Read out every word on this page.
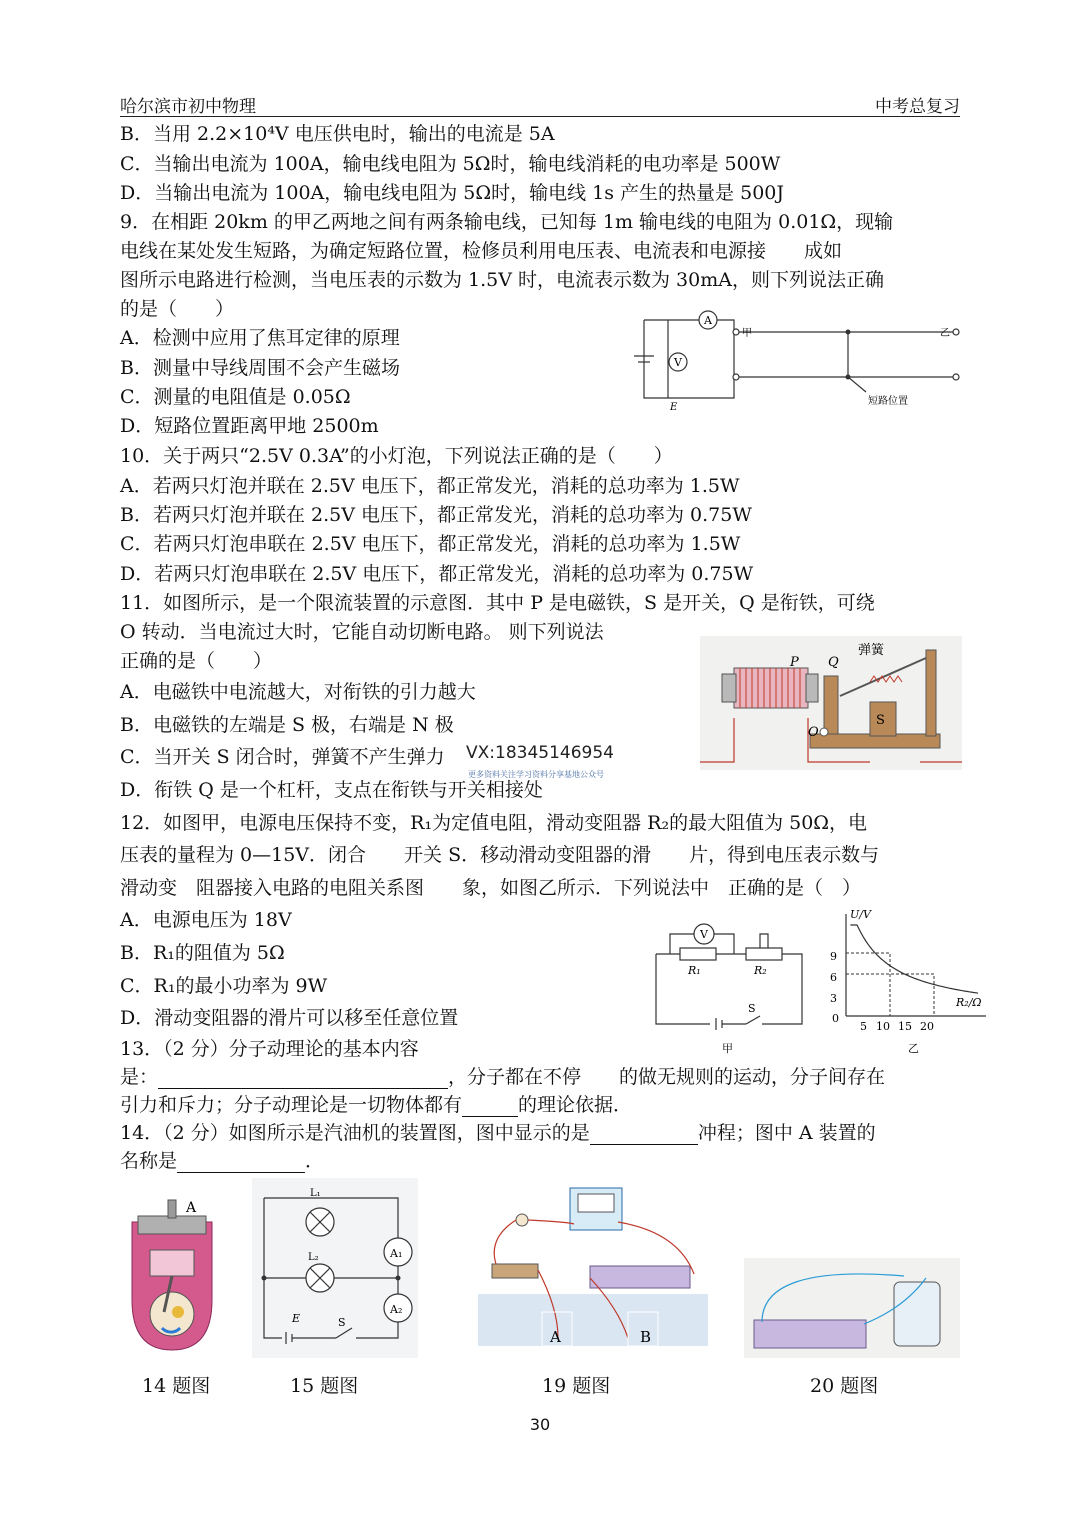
哈尔滨市初中物理	中考总复习
B．当用 2.2×10⁴V 电压供电时，输出的电流是 5A
C．当输出电流为 100A，输电线电阻为 5Ω时，输电线消耗的电功率是 500W
D．当输出电流为 100A，输电线电阻为 5Ω时，输电线 1s 产生的热量是 500J
9．在相距 20km 的甲乙两地之间有两条输电线，已知每 1m 输电线的电阻为 0.01Ω，现输
电线在某处发生短路，为确定短路位置，检修员利用电压表、电流表和电源接　　成如
图所示电路进行检测，当电压表的示数为 1.5V 时，电流表示数为 30mA，则下列说法正确
的是（　　）
A．检测中应用了焦耳定律的原理
B．测量中导线周围不会产生磁场
C．测量的电阻值是 0.05Ω
D．短路位置距离甲地 2500m
10．关于两只“2.5V 0.3A”的小灯泡，下列说法正确的是（　　）
A．若两只灯泡并联在 2.5V 电压下，都正常发光，消耗的总功率为 1.5W
B．若两只灯泡并联在 2.5V 电压下，都正常发光，消耗的总功率为 0.75W
C．若两只灯泡串联在 2.5V 电压下，都正常发光，消耗的总功率为 1.5W
D．若两只灯泡串联在 2.5V 电压下，都正常发光，消耗的总功率为 0.75W
11．如图所示，是一个限流装置的示意图．其中 P 是电磁铁，S 是开关，Q 是衔铁，可绕
O 转动．当电流过大时，它能自动切断电路。 则下列说法
正确的是（　　）
A．电磁铁中电流越大，对衔铁的引力越大
B．电磁铁的左端是 S 极，右端是 N 极
C．当开关 S 闭合时，弹簧不产生弹力
D．衔铁 Q 是一个杠杆，支点在衔铁与开关相接处
12．如图甲，电源电压保持不变，R₁为定值电阻，滑动变阻器 R₂的最大阻值为 50Ω，电
压表的量程为 0—15V．闭合　　开关 S．移动滑动变阻器的滑　　片，得到电压表示数与
滑动变　阻器接入电路的电阻关系图　　象，如图乙所示．下列说法中　正确的是（　）
A．电源电压为 18V
B．R₁的阻值为 5Ω
C．R₁的最小功率为 9W
D．滑动变阻器的滑片可以移至任意位置
13．（2 分）分子动理论的基本内容
是：	，分子都在不停　　的做无规则的运动，分子间存在
引力和斥力；分子动理论是一切物体都有	的理论依据．
14．（2 分）如图所示是汽油机的装置图，图中显示的是	冲程；图中 A 装置的
名称是	．
A
V
甲	乙
E
短路位置
P Q
弹簧
S
O
VX:18345146954
更多资料关注学习资料分享基地公众号
V
R₁	R₂
S
甲
U/V
R₂/Ω
9
6
3
0
5 10 15 20
乙
A
L₁
L₂	A₁
A₂
E	S
A	B
14 题图	15 题图	19 题图	20 题图
30
